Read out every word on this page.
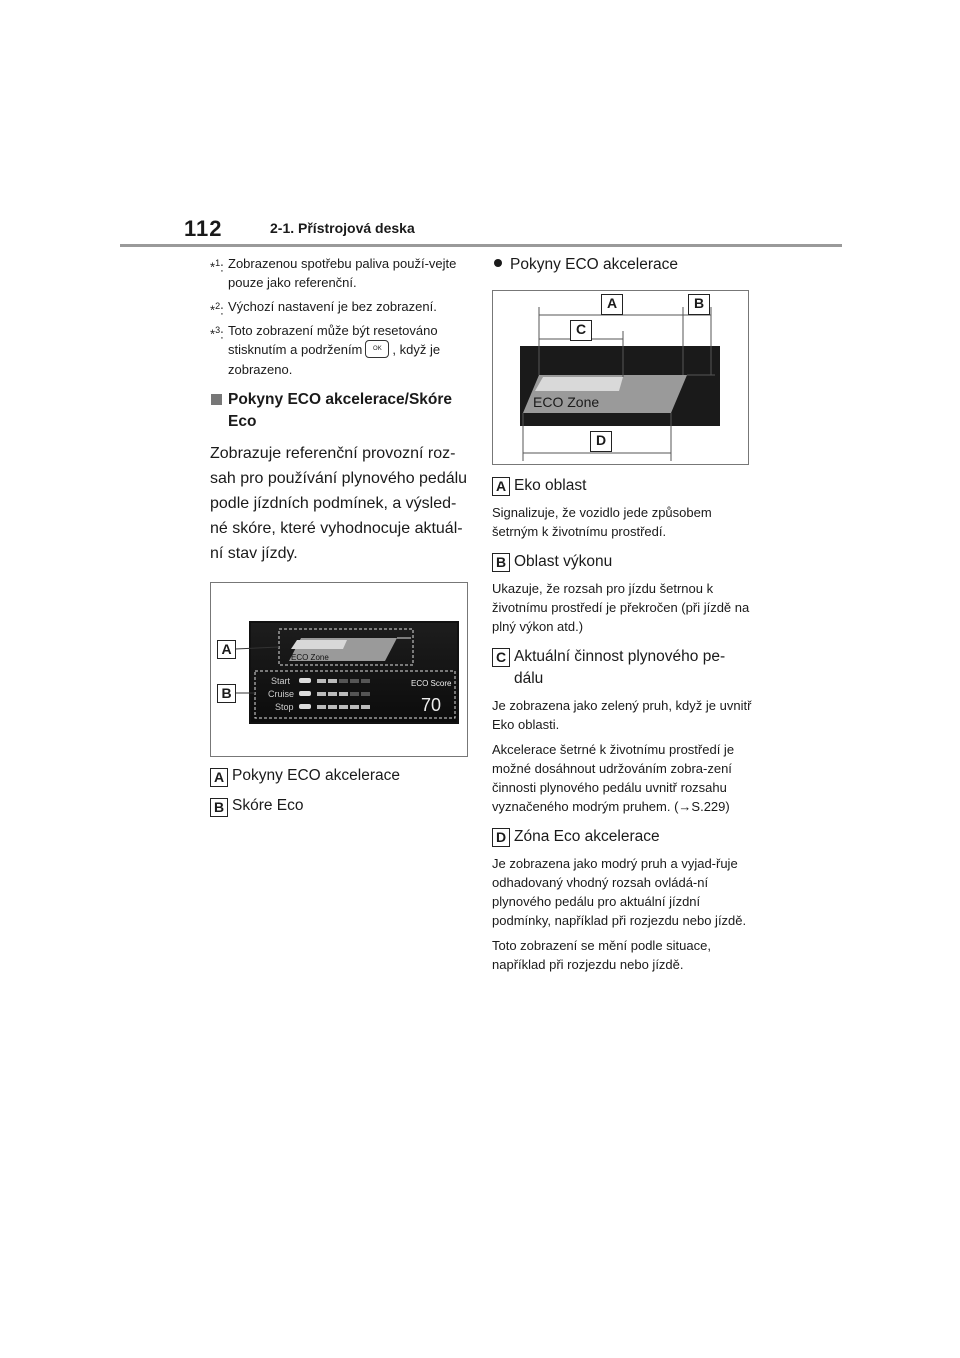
112	2-1. Přístrojová deska
*$^1$: Zobrazenou spotřebu paliva použí-vejte pouze jako referenční.
*$^2$: Výchozí nastavení je bez zobrazení.
*$^3$: Toto zobrazení může být resetováno stisknutím a podržením OK , když je zobrazeno.
Pokyny ECO akcelerace/Skóre Eco
Zobrazuje referenční provozní roz-sah pro používání plynového pedálu podle jízdních podmínek, a výsled-né skóre, které vyhodnocuje aktuál-ní stav jízdy.
ECO Zone
Start
Cruise
Stop
ECO Score
70
A
B
A Pokyny ECO akcelerace
B Skóre Eco
Pokyny ECO akcelerace
ECO Zone
A	B
C
D
A Eko oblast
Signalizuje, že vozidlo jede způsobem šetrným k životnímu prostředí.
B Oblast výkonu
Ukazuje, že rozsah pro jízdu šetrnou k životnímu prostředí je překročen (při jízdě na plný výkon atd.)
C Aktuální činnost plynového pe-dálu
Je zobrazena jako zelený pruh, když je uvnitř Eko oblasti.
Akcelerace šetrné k životnímu prostředí je možné dosáhnout udržováním zobra-zení činnosti plynového pedálu uvnitř rozsahu vyznačeného modrým pruhem. (→S.229)
D Zóna Eco akcelerace
Je zobrazena jako modrý pruh a vyjad-řuje odhadovaný vhodný rozsah ovládá-ní plynového pedálu pro aktuální jízdní podmínky, například při rozjezdu nebo jízdě.
Toto zobrazení se mění podle situace, například při rozjezdu nebo jízdě.
